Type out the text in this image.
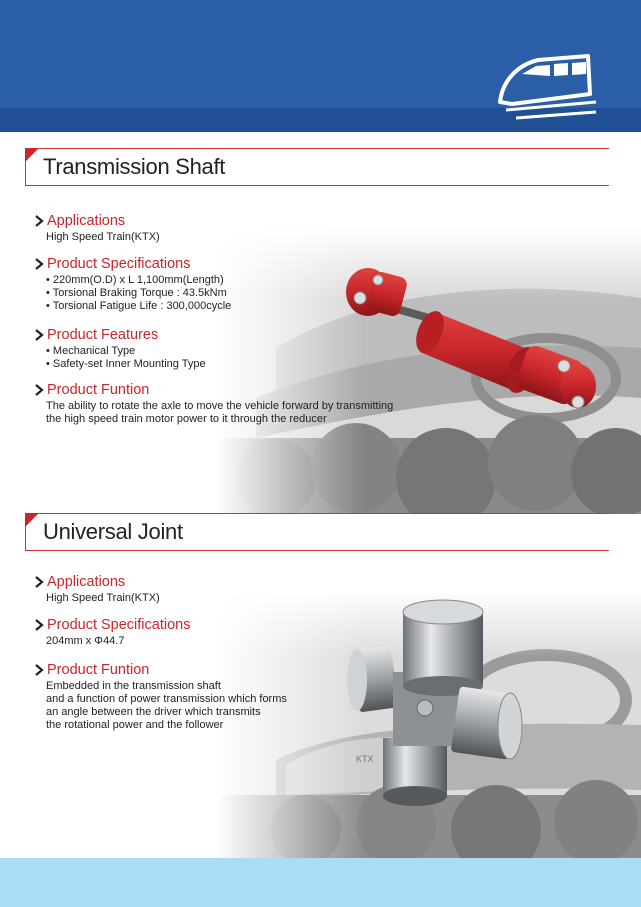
Transmission Shaft
Applications
High Speed Train(KTX)
Product Specifications
• 220mm(O.D) x L 1,100mm(Length)
• Torsional Braking Torque : 43.5kNm
• Torsional Fatigue Life : 300,000cycle
Product Features
• Mechanical Type
• Safety-set Inner Mounting Type
Product Funtion
The ability to rotate the axle to move the vehicle forward by transmitting
the high speed train motor power to it through the reducer
Universal Joint
Applications
High Speed Train(KTX)
Product Specifications
204mm x Φ44.7
Product Funtion
Embedded in the transmission shaft
and a function of power transmission which forms
an angle between the driver which transmits
the rotational power and the follower
